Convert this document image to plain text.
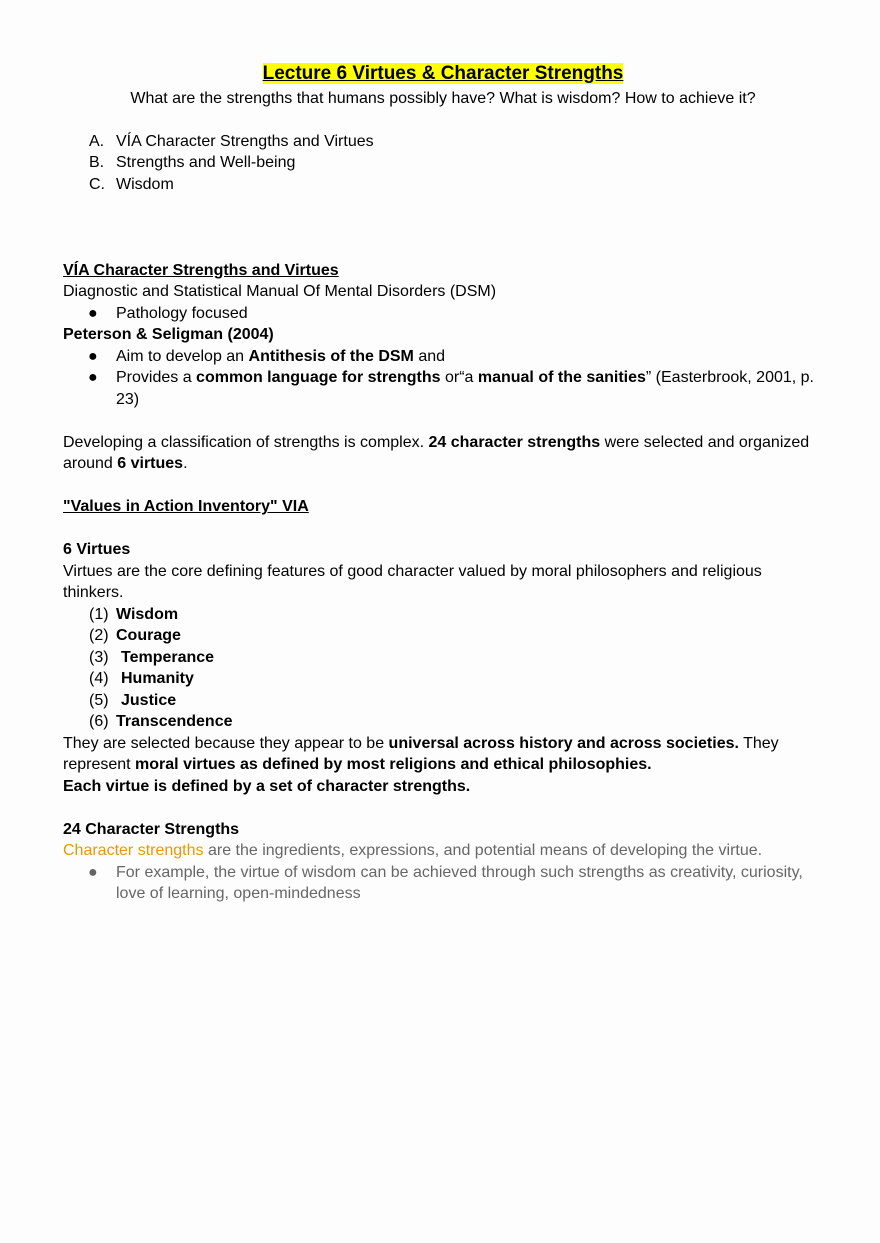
Lecture 6 Virtues & Character Strengths

What are the strengths that humans possibly have? What is wisdom? How to achieve it?

A. VÍA Character Strengths and Virtues
B. Strengths and Well-being
C. Wisdom

VÍA Character Strengths and Virtues

Diagnostic and Statistical Manual Of Mental Disorders (DSM)

● Pathology focused

Peterson & Seligman (2004)

● Aim to develop an Antithesis of the DSM and
● Provides a common language for strengths or“a manual of the sanities” (Easterbrook, 2001, p. 23)

Developing a classification of strengths is complex. 24 character strengths were selected and organized around 6 virtues.

"Values in Action Inventory" VIA

6 Virtues

Virtues are the core defining features of good character valued by moral philosophers and religious thinkers.

(1) Wisdom
(2) Courage
(3) Temperance
(4) Humanity
(5) Justice
(6) Transcendence

They are selected because they appear to be universal across history and across societies. They represent moral virtues as defined by most religions and ethical philosophies.

Each virtue is defined by a set of character strengths.

24 Character Strengths

Character strengths are the ingredients, expressions, and potential means of developing the virtue.

● For example, the virtue of wisdom can be achieved through such strengths as creativity, curiosity, love of learning, open-mindedness
